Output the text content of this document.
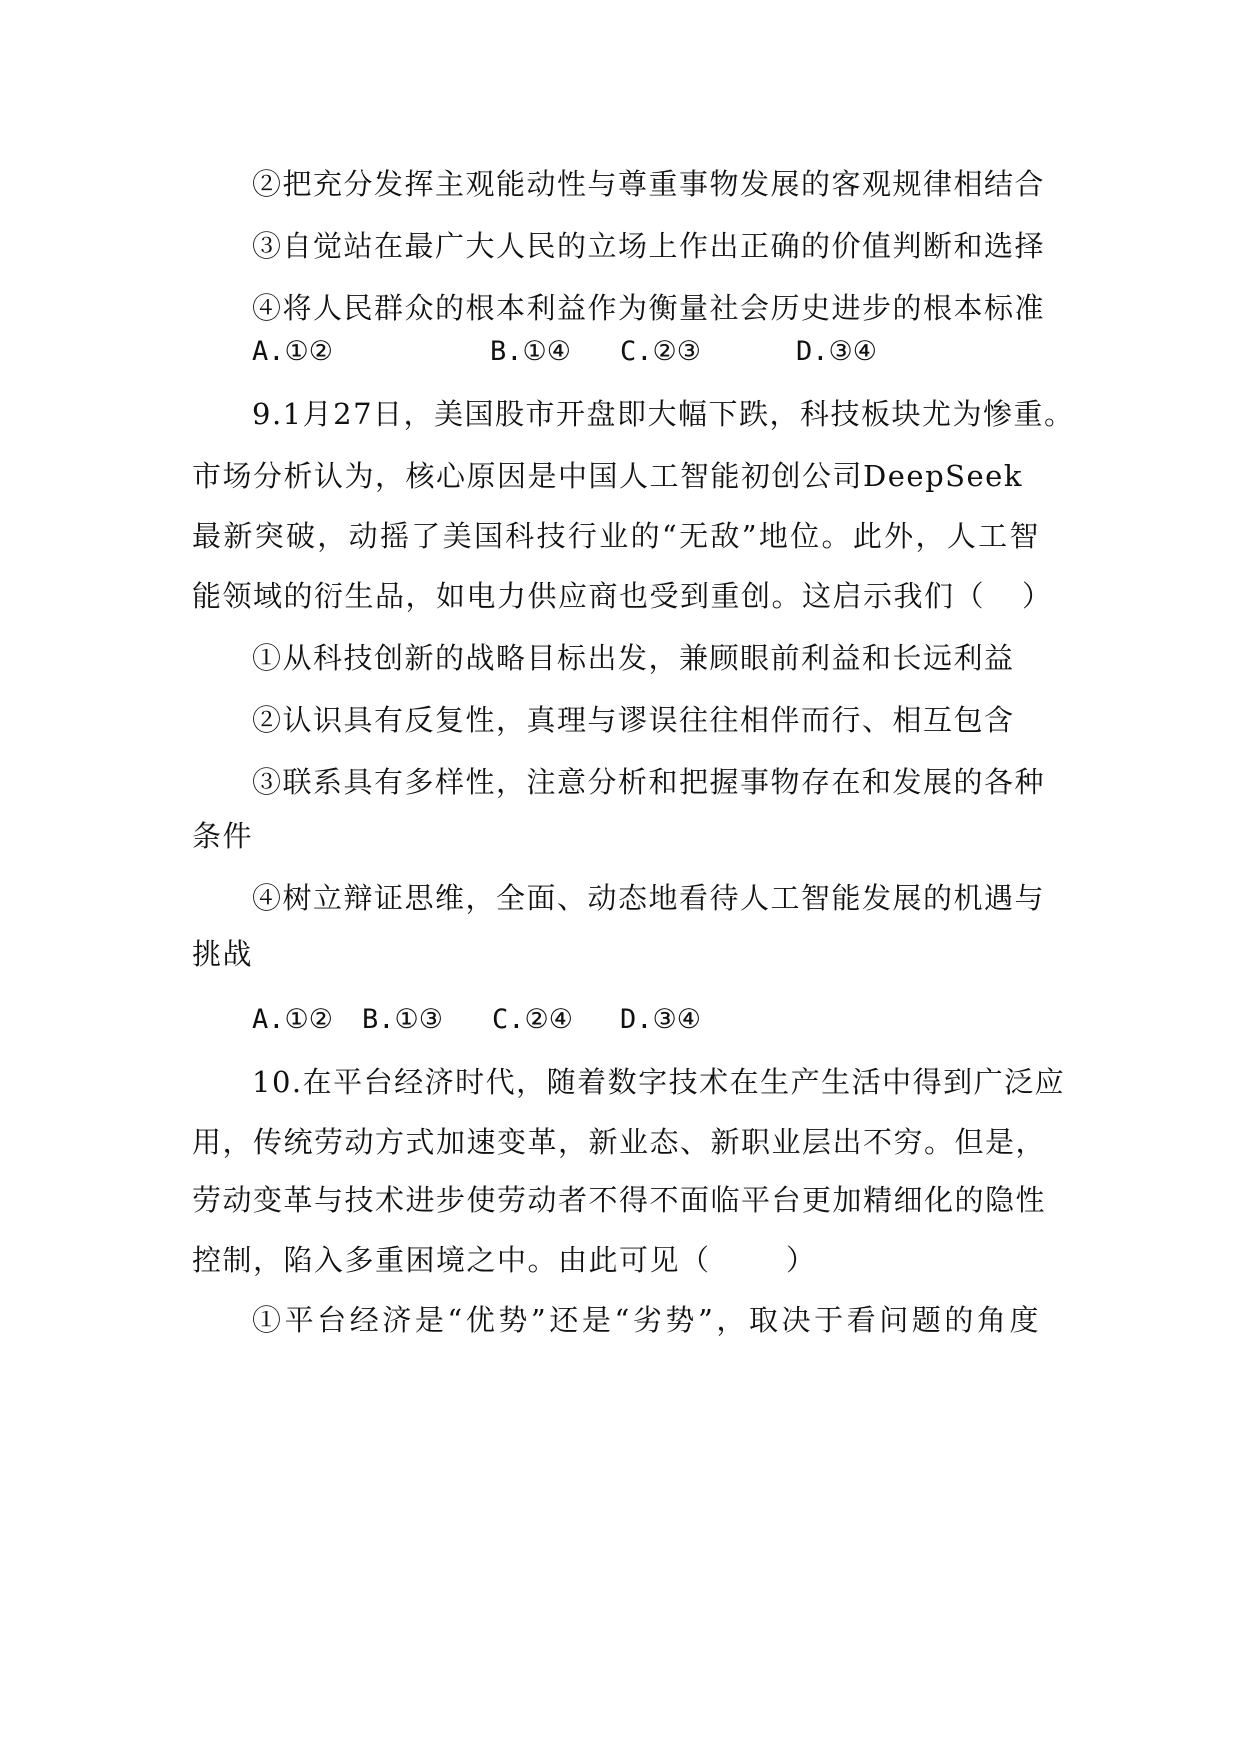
②把充分发挥主观能动性与尊重事物发展的客观规律相结合
③自觉站在最广大人民的立场上作出正确的价值判断和选择
④将人民群众的根本利益作为衡量社会历史进步的根本标准
A.①②	B.①④ C.②③	D.③④
9.1月27日，美国股市开盘即大幅下跌，科技板块尤为惨重。
市场分析认为，核心原因是中国人工智能初创公司DeepSeek
最新突破，动摇了美国科技行业的“无敌”地位。此外，人工智
能领域的衍生品，如电力供应商也受到重创。这启示我们（ ）
①从科技创新的战略目标出发，兼顾眼前利益和长远利益
②认识具有反复性，真理与谬误往往相伴而行、相互包含
③联系具有多样性，注意分析和把握事物存在和发展的各种
条件
④树立辩证思维，全面、动态地看待人工智能发展的机遇与
挑战
A.①② B.①③ C.②④ D.③④
10.在平台经济时代，随着数字技术在生产生活中得到广泛应
用，传统劳动方式加速变革，新业态、新职业层出不穷。但是，
劳动变革与技术进步使劳动者不得不面临平台更加精细化的隐性
控制，陷入多重困境之中。由此可见（	）
①平台经济是“优势”还是“劣势”，取决于看问题的角度
